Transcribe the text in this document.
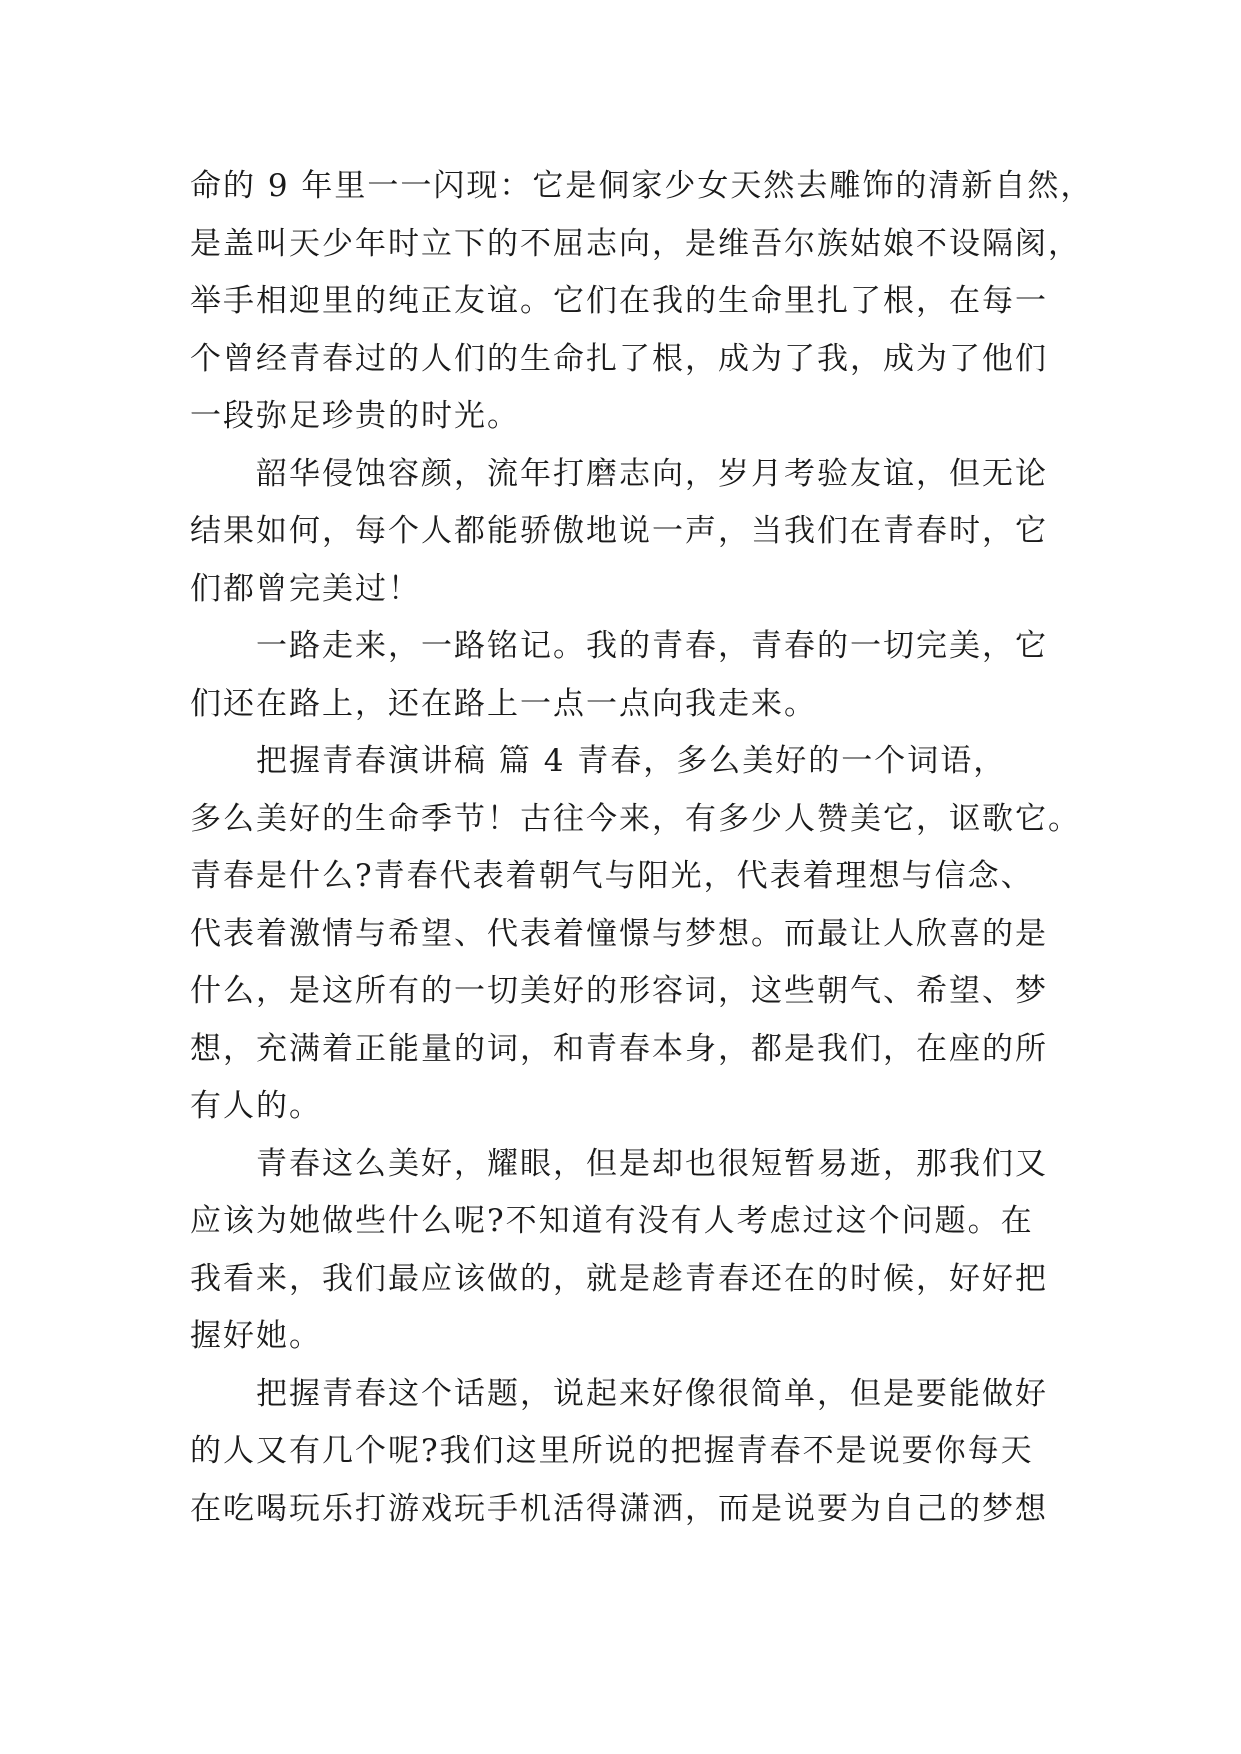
命的 9 年里一一闪现：它是侗家少女天然去雕饰的清新自然，
是盖叫天少年时立下的不屈志向，是维吾尔族姑娘不设隔阂，
举手相迎里的纯正友谊。它们在我的生命里扎了根，在每一
个曾经青春过的人们的生命扎了根，成为了我，成为了他们
一段弥足珍贵的时光。
韶华侵蚀容颜，流年打磨志向，岁月考验友谊，但无论
结果如何，每个人都能骄傲地说一声，当我们在青春时，它
们都曾完美过！
一路走来，一路铭记。我的青春，青春的一切完美，它
们还在路上，还在路上一点一点向我走来。
把握青春演讲稿 篇 4 青春，多么美好的一个词语，
多么美好的生命季节！古往今来，有多少人赞美它，讴歌它。
青春是什么?青春代表着朝气与阳光，代表着理想与信念、
代表着激情与希望、代表着憧憬与梦想。而最让人欣喜的是
什么，是这所有的一切美好的形容词，这些朝气、希望、梦
想，充满着正能量的词，和青春本身，都是我们，在座的所
有人的。
青春这么美好，耀眼，但是却也很短暂易逝，那我们又
应该为她做些什么呢?不知道有没有人考虑过这个问题。在
我看来，我们最应该做的，就是趁青春还在的时候，好好把
握好她。
把握青春这个话题，说起来好像很简单，但是要能做好
的人又有几个呢?我们这里所说的把握青春不是说要你每天
在吃喝玩乐打游戏玩手机活得潇洒，而是说要为自己的梦想
